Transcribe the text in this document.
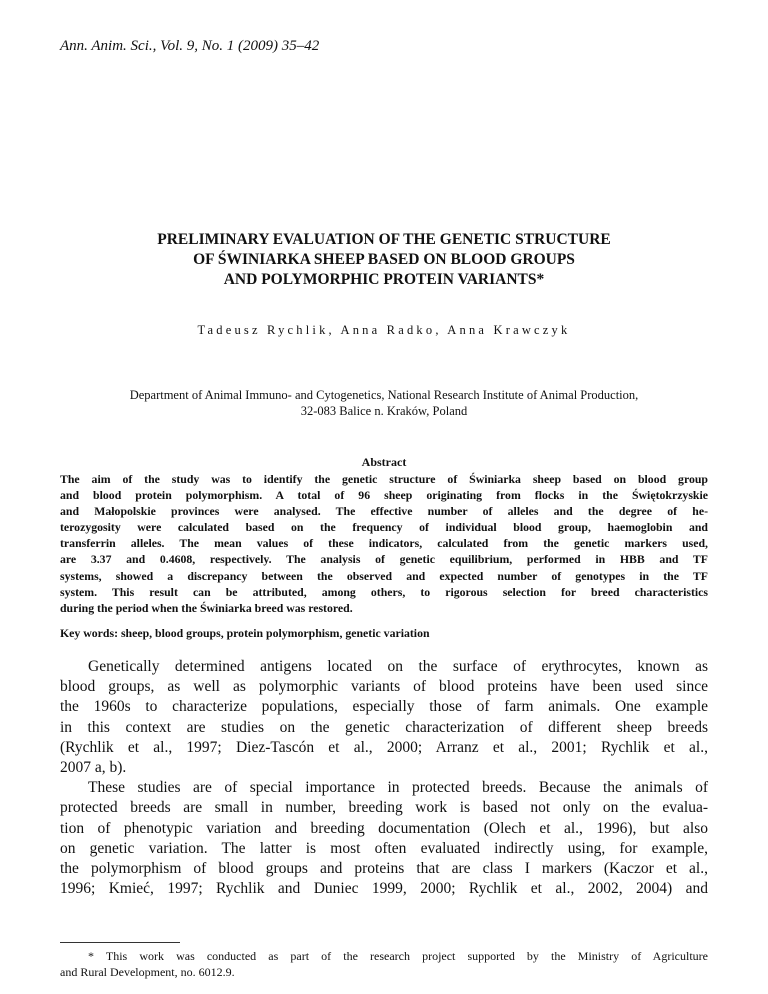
Ann. Anim. Sci., Vol. 9, No. 1 (2009) 35–42
PRELIMINARY EVALUATION OF THE GENETIC STRUCTURE
OF ŚWINIARKA SHEEP BASED ON BLOOD GROUPS
AND POLYMORPHIC PROTEIN VARIANTS*
Tadeusz Rychlik, Anna Radko, Anna Krawczyk
Department of Animal Immuno- and Cytogenetics, National Research Institute of Animal Production,
32-083 Balice n. Kraków, Poland
Abstract
The aim of the study was to identify the genetic structure of Świniarka sheep based on blood group
and blood protein polymorphism. A total of 96 sheep originating from flocks in the Świętokrzyskie
and Małopolskie provinces were analysed. The effective number of alleles and the degree of he-
terozygosity were calculated based on the frequency of individual blood group, haemoglobin and
transferrin alleles. The mean values of these indicators, calculated from the genetic markers used,
are 3.37 and 0.4608, respectively. The analysis of genetic equilibrium, performed in HBB and TF
systems, showed a discrepancy between the observed and expected number of genotypes in the TF
system. This result can be attributed, among others, to rigorous selection for breed characteristics
during the period when the Świniarka breed was restored.
Key words: sheep, blood groups, protein polymorphism, genetic variation
Genetically determined antigens located on the surface of erythrocytes, known as
blood groups, as well as polymorphic variants of blood proteins have been used since
the 1960s to characterize populations, especially those of farm animals. One example
in this context are studies on the genetic characterization of different sheep breeds
(Rychlik et al., 1997; Diez-Tascón et al., 2000; Arranz et al., 2001; Rychlik et al.,
2007 a, b).
These studies are of special importance in protected breeds. Because the animals of
protected breeds are small in number, breeding work is based not only on the evalua-
tion of phenotypic variation and breeding documentation (Olech et al., 1996), but also
on genetic variation. The latter is most often evaluated indirectly using, for example,
the polymorphism of blood groups and proteins that are class I markers (Kaczor et al.,
1996; Kmieć, 1997; Rychlik and Duniec 1999, 2000; Rychlik et al., 2002, 2004) and
* This work was conducted as part of the research project supported by the Ministry of Agriculture
and Rural Development, no. 6012.9.
